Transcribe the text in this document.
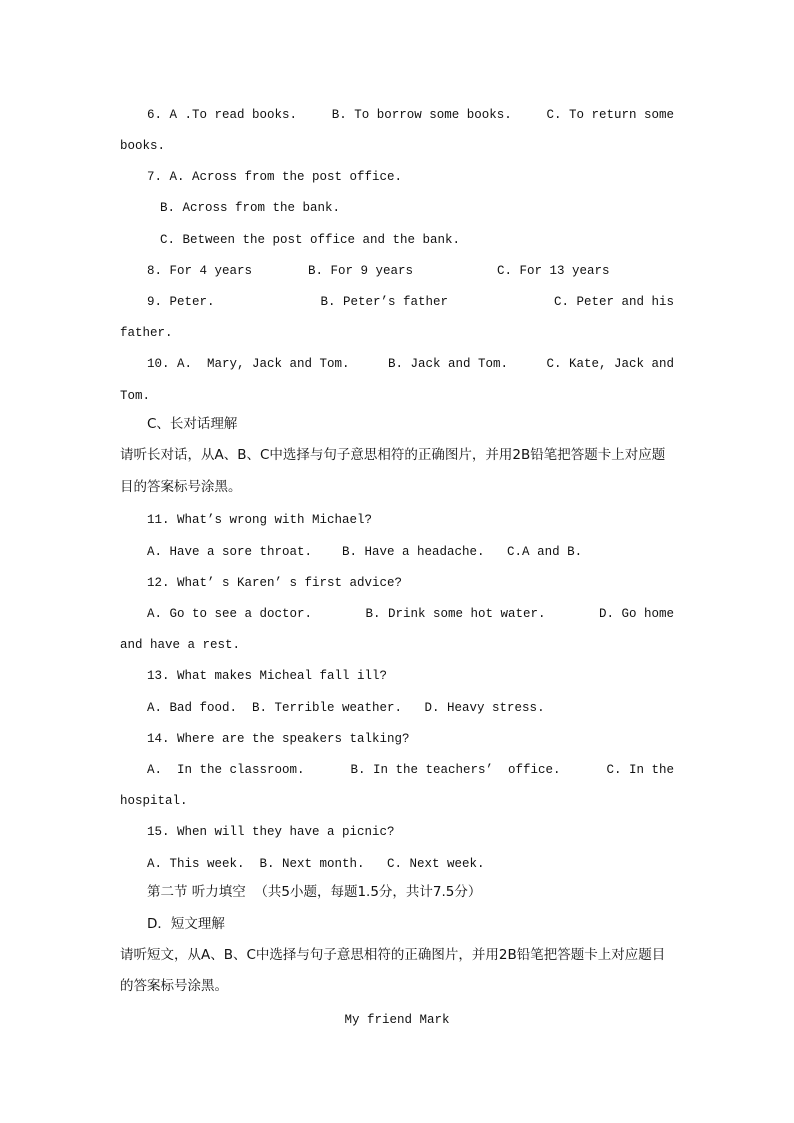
6. A .To read books.	B. To borrow some books.	C. To return some
books.
7. A. Across from the post office.
B. Across from the bank.
C. Between the post office and the bank.
8. For 4 years	B. For 9 years	C. For 13 years
9. Peter.	B. Peter’s father	C. Peter and his
father.
10. A.  Mary, Jack and Tom.	B. Jack and Tom.	C. Kate, Jack and
Tom.
C、长对话理解
请听长对话，从A、B、C中选择与句子意思相符的正确图片，并用2B铅笔把答题卡上对应题
目的答案标号涂黑。
11. What’s wrong with Michael?
A. Have a sore throat.    B. Have a headache.   C.A and B.
12. What’ s Karen’ s first advice?
A. Go to see a doctor.	B. Drink some hot water.	D. Go home
and have a rest.
13. What makes Micheal fall ill?
A. Bad food.  B. Terrible weather.   D. Heavy stress.
14. Where are the speakers talking?
A.  In the classroom.	B. In the teachers’  office.	C. In the
hospital.
15. When will they have a picnic?
A. This week.  B. Next month.   C. Next week.
第二节 听力填空  （共5小题，每题1.5分，共计7.5分）
D．短文理解
请听短文，从A、B、C中选择与句子意思相符的正确图片，并用2B铅笔把答题卡上对应题目
的答案标号涂黑。
My friend Mark
